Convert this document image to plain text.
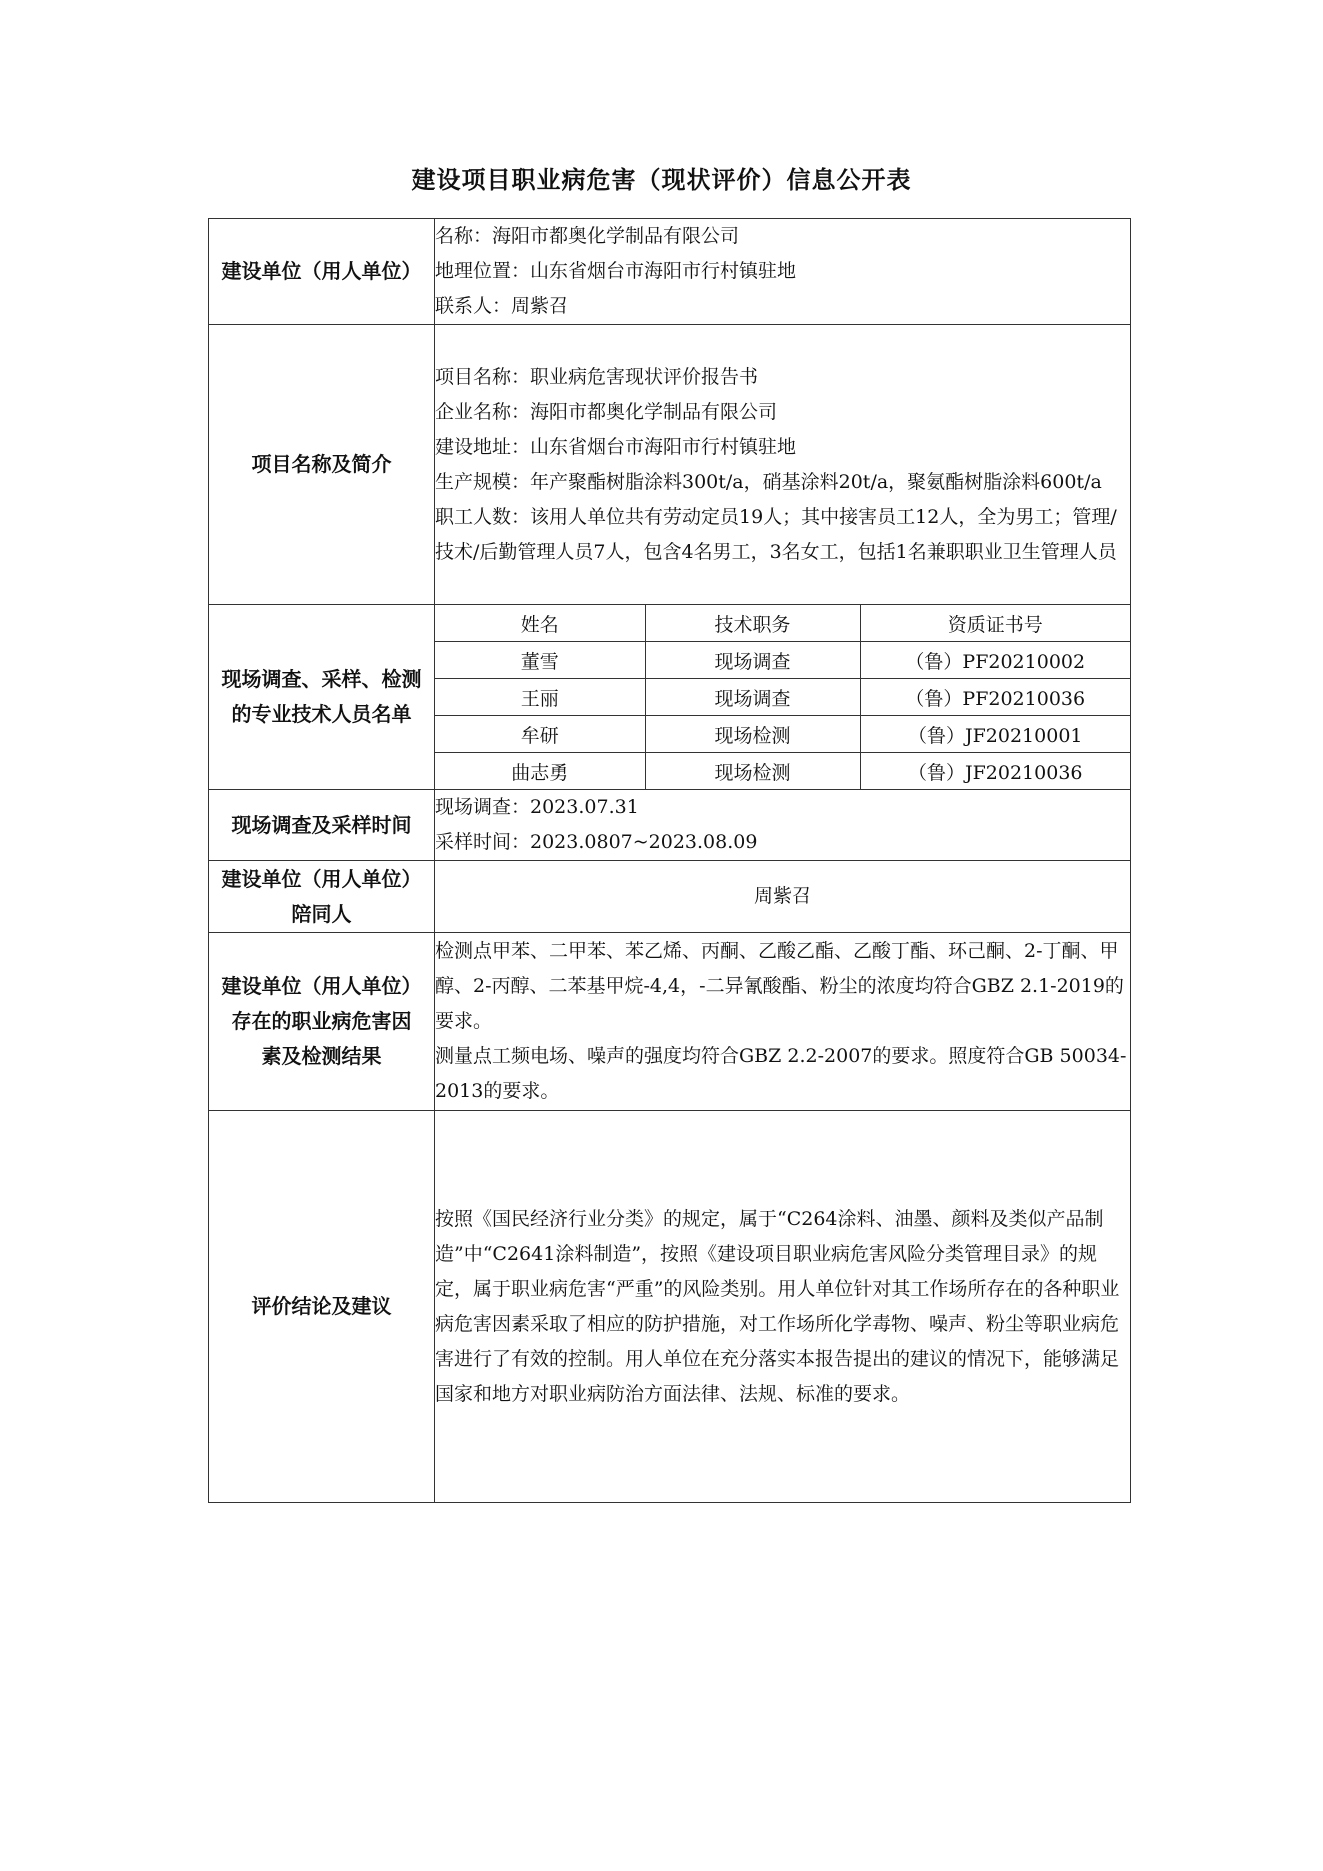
建设项目职业病危害（现状评价）信息公开表
建设单位（用人单位）	
名称：海阳市都奥化学制品有限公司
地理位置：山东省烟台市海阳市行村镇驻地
联系人：周紫召

项目名称及简介	
项目名称：职业病危害现状评价报告书
企业名称：海阳市都奥化学制品有限公司
建设地址：山东省烟台市海阳市行村镇驻地
生产规模：年产聚酯树脂涂料300t/a，硝基涂料20t/a，聚氨酯树脂涂料600t/a
职工人数：该用人单位共有劳动定员19人；其中接害员工12人，全为男工；管理/技术/后勤管理人员7人，包含4名男工，3名女工，包括1名兼职职业卫生管理人员

现场调查、采样、检测
的专业技术人员名单

姓名	技术职务	资质证书号
董雪	现场调查	（鲁）PF20210002
王丽	现场调查	（鲁）PF20210036
牟研	现场检测	（鲁）JF20210001
曲志勇	现场检测	（鲁）JF20210036

现场调查及采样时间	
现场调查：2023.07.31
采样时间：2023.0807~2023.08.09

建设单位（用人单位）
陪同人
	周紫召

建设单位（用人单位）
存在的职业病危害因
素及检测结果

检测点甲苯、二甲苯、苯乙烯、丙酮、乙酸乙酯、乙酸丁酯、环己酮、2-丁酮、甲醇、2-丙醇、二苯基甲烷-4,4，-二异氰酸酯、粉尘的浓度均符合GBZ 2.1-2019的要求。
测量点工频电场、噪声的强度均符合GBZ 2.2-2007的要求。照度符合GB 50034-2013的要求。

评价结论及建议	
按照《国民经济行业分类》的规定，属于“C264涂料、油墨、颜料及类似产品制造”中“C2641涂料制造”，按照《建设项目职业病危害风险分类管理目录》的规定，属于职业病危害“严重”的风险类别。用人单位针对其工作场所存在的各种职业病危害因素采取了相应的防护措施，对工作场所化学毒物、噪声、粉尘等职业病危害进行了有效的控制。用人单位在充分落实本报告提出的建议的情况下，能够满足国家和地方对职业病防治方面法律、法规、标准的要求。
